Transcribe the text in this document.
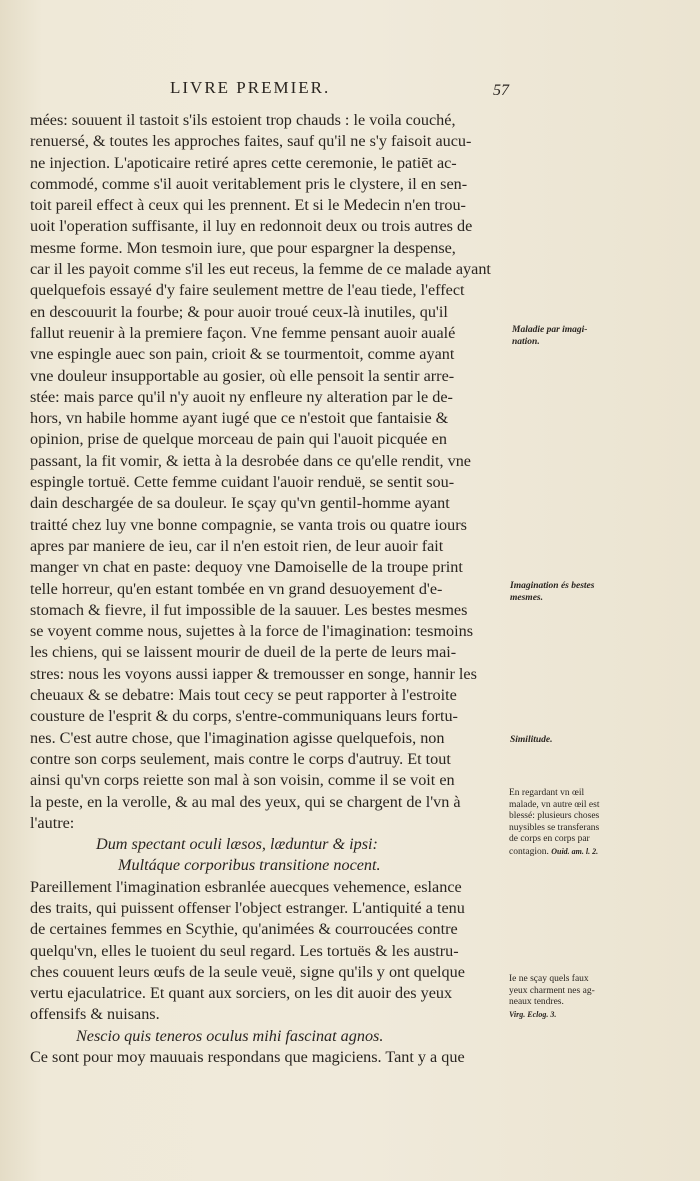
LIVRE PREMIER.	57
mées: souuent il tastoit s'ils estoient trop chauds : le voila couché,
renuersé, & toutes les approches faites, sauf qu'il ne s'y faisoit aucu-
ne injection. L'apoticaire retiré apres cette ceremonie, le patiēt ac-
commodé, comme s'il auoit veritablement pris le clystere, il en sen-
toit pareil effect à ceux qui les prennent. Et si le Medecin n'en trou-
uoit l'operation suffisante, il luy en redonnoit deux ou trois autres de
mesme forme. Mon tesmoin iure, que pour espargner la despense,
car il les payoit comme s'il les eut receus, la femme de ce malade ayant
quelquefois essayé d'y faire seulement mettre de l'eau tiede, l'effect
en descouurit la fourbe; & pour auoir troué ceux-là inutiles, qu'il
fallut reuenir à la premiere façon. Vne femme pensant auoir aualé
vne espingle auec son pain, crioit & se tourmentoit, comme ayant
vne douleur insupportable au gosier, où elle pensoit la sentir arre-
stée: mais parce qu'il n'y auoit ny enfleure ny alteration par le de-
hors, vn habile homme ayant iugé que ce n'estoit que fantaisie &
opinion, prise de quelque morceau de pain qui l'auoit picquée en
passant, la fit vomir, & ietta à la desrobée dans ce qu'elle rendit, vne
espingle tortuë. Cette femme cuidant l'auoir renduë, se sentit sou-
dain deschargée de sa douleur. Ie sçay qu'vn gentil-homme ayant
traitté chez luy vne bonne compagnie, se vanta trois ou quatre iours
apres par maniere de ieu, car il n'en estoit rien, de leur auoir fait
manger vn chat en paste: dequoy vne Damoiselle de la troupe print
telle horreur, qu'en estant tombée en vn grand desuoyement d'e-
stomach & fievre, il fut impossible de la sauuer. Les bestes mesmes
se voyent comme nous, sujettes à la force de l'imagination: tesmoins
les chiens, qui se laissent mourir de dueil de la perte de leurs mai-
stres: nous les voyons aussi iapper & tremousser en songe, hannir les
cheuaux & se debatre: Mais tout cecy se peut rapporter à l'estroite
cousture de l'esprit & du corps, s'entre-communiquans leurs fortu-
nes. C'est autre chose, que l'imagination agisse quelquefois, non
contre son corps seulement, mais contre le corps d'autruy. Et tout
ainsi qu'vn corps reiette son mal à son voisin, comme il se voit en
la peste, en la verolle, & au mal des yeux, qui se chargent de l'vn à
l'autre:
Dum spectant oculi læsos, læduntur & ipsi:
Multáque corporibus transitione nocent.
Pareillement l'imagination esbranlée auecques vehemence, eslance
des traits, qui puissent offenser l'object estranger. L'antiquité a tenu
de certaines femmes en Scythie, qu'animées & courroucées contre
quelqu'vn, elles le tuoient du seul regard. Les tortuës & les austru-
ches couuent leurs œufs de la seule veuë, signe qu'ils y ont quelque
vertu ejaculatrice. Et quant aux sorciers, on les dit auoir des yeux
offensifs & nuisans.
Nescio quis teneros oculus mihi fascinat agnos.
Ce sont pour moy mauuais respondans que magiciens. Tant y a que
Maladie par imagi-
nation.
Imagination és bestes
mesmes.
Similitude.
En regardant vn œil
malade, vn autre œil est
blessé: plusieurs choses
nuysibles se transferans
de corps en corps par
contagion. Ouid. am. l. 2.
Ie ne sçay quels faux
yeux charment nes ag-
neaux tendres.
Virg. Eclog. 3.
